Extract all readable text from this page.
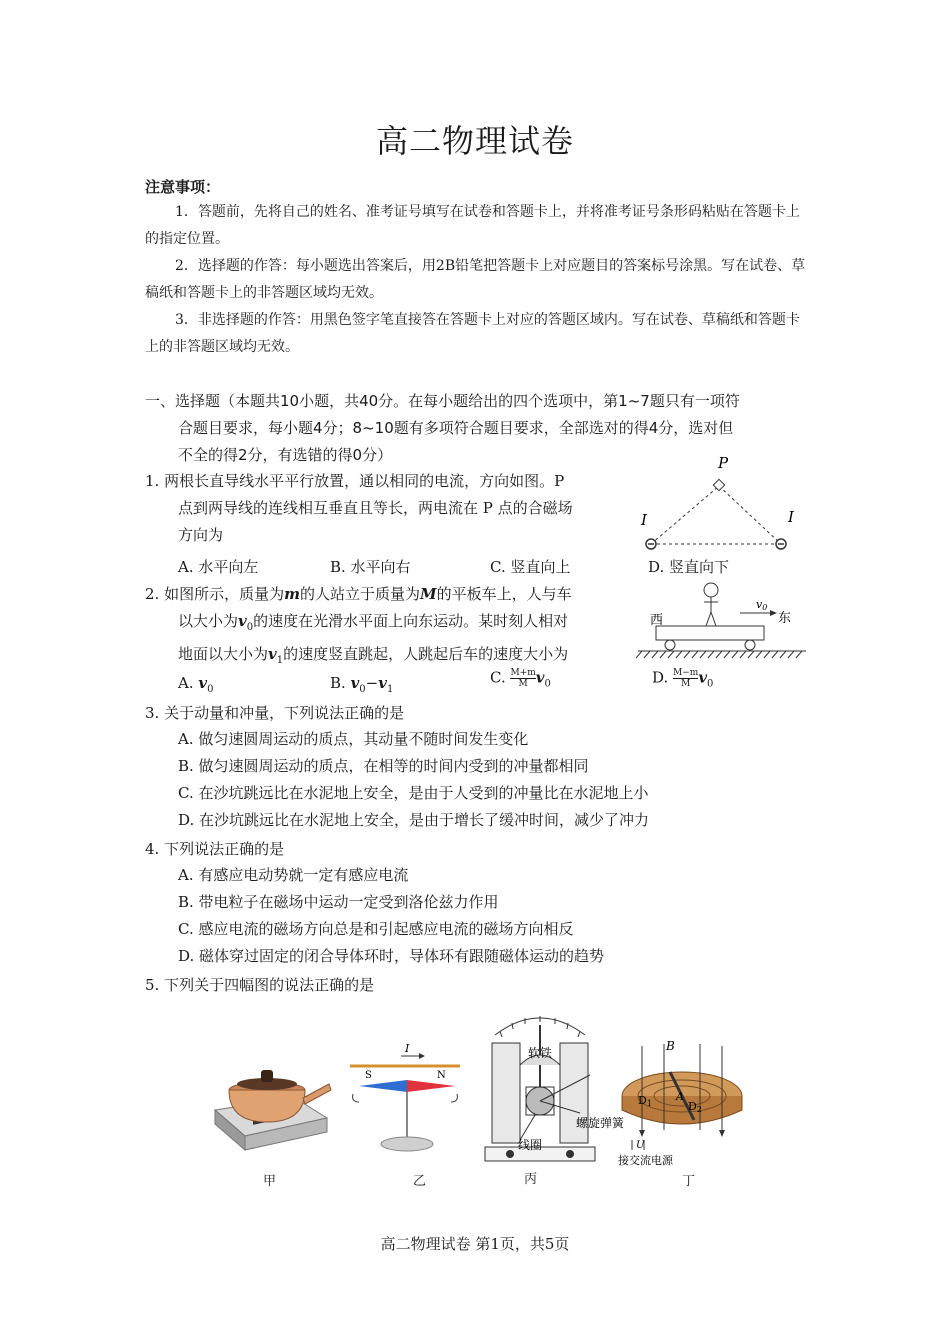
高二物理试卷
注意事项：

1．答题前，先将自己的姓名、准考证号填写在试卷和答题卡上，并将准考证号条形码粘贴在答题卡上的指定位置。

2．选择题的作答：每小题选出答案后，用2B铅笔把答题卡上对应题目的答案标号涂黑。写在试卷、草稿纸和答题卡上的非答题区域均无效。

3．非选择题的作答：用黑色签字笔直接答在答题卡上对应的答题区域内。写在试卷、草稿纸和答题卡上的非答题区域均无效。

一、选择题（本题共10小题，共40分。在每小题给出的四个选项中，第1~7题只有一项符
合题目要求，每小题4分；8~10题有多项符合题目要求，全部选对的得4分，选对但
不全的得2分，有选错的得0分）
1. 两根长直导线水平平行放置，通以相同的电流，方向如图。P
点到两导线的连线相互垂直且等长，两电流在 P 点的合磁场
方向为
A. 水平向左	B. 水平向右	C. 竖直向上	D. 竖直向下
P
I	I
2. 如图所示，质量为m的人站立于质量为M的平板车上，人与车
以大小为$v_0$的速度在光滑水平面上向东运动。某时刻人相对
地面以大小为$v_1$的速度竖直跳起，人跳起后车的速度大小为
A. $v_0$	B. $v_0-v_1$
C. $\frac{M+m}{M} v_0$	D. $\frac{M-m}{M} v_0$
西	东
v0
3. 关于动量和冲量，下列说法正确的是
A. 做匀速圆周运动的质点，其动量不随时间发生变化
B. 做匀速圆周运动的质点，在相等的时间内受到的冲量都相同
C. 在沙坑跳远比在水泥地上安全，是由于人受到的冲量比在水泥地上小
D. 在沙坑跳远比在水泥地上安全，是由于增长了缓冲时间，减少了冲力
4. 下列说法正确的是
A. 有感应电动势就一定有感应电流
B. 带电粒子在磁场中运动一定受到洛伦兹力作用
C. 感应电流的磁场方向总是和引起感应电流的磁场方向相反
D. 磁体穿过固定的闭合导体环时，导体环有跟随磁体运动的趋势
5. 下列关于四幅图的说法正确的是
I
S	N
软铁
螺旋弹簧
线圈
B
A
D1	D2
U
接交流电源
甲	乙	丙	丁
高二物理试卷 第1页，共5页
